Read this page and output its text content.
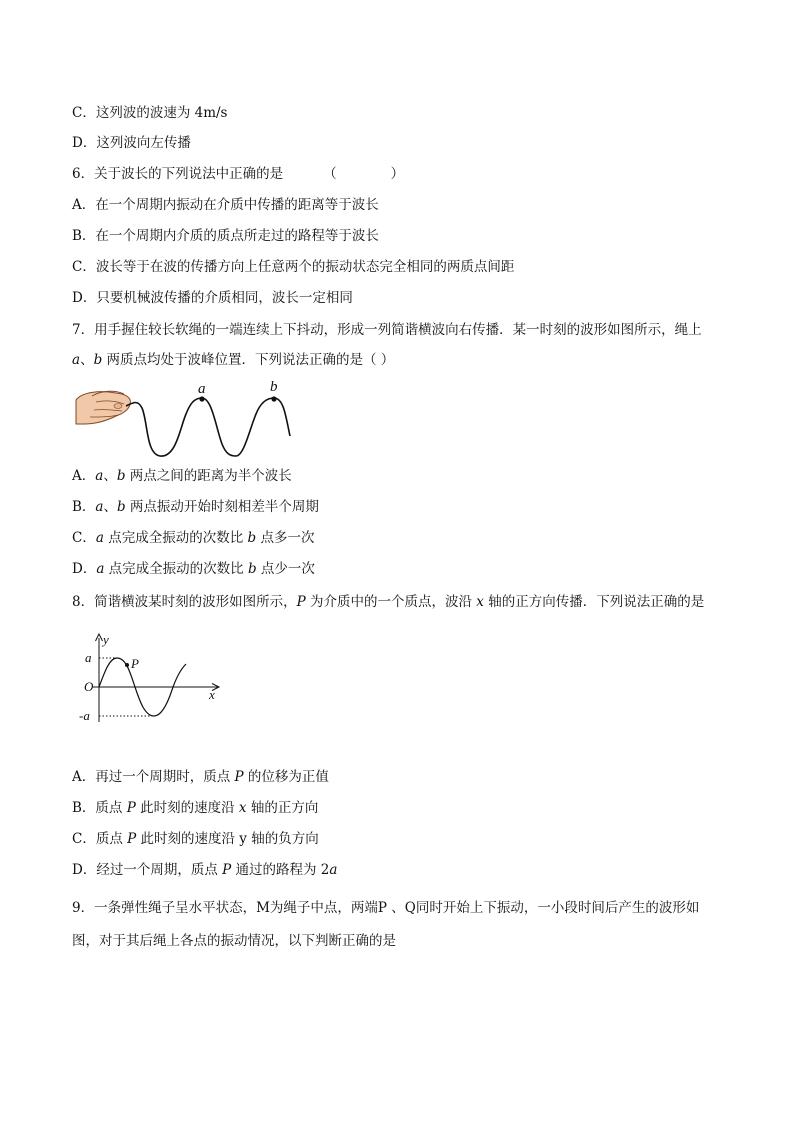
C．这列波的波速为 4m/s
D．这列波向左传播
6．关于波长的下列说法中正确的是	（　　　　）
A．在一个周期内振动在介质中传播的距离等于波长
B．在一个周期内介质的质点所走过的路程等于波长
C．波长等于在波的传播方向上任意两个的振动状态完全相同的两质点间距
D．只要机械波传播的介质相同，波长一定相同
7．用手握住较长软绳的一端连续上下抖动，形成一列简谐横波向右传播．某一时刻的波形如图所示，绳上
a、b 两质点均处于波峰位置．下列说法正确的是（ ）
a	b
A．a、b 两点之间的距离为半个波长
B．a、b 两点振动开始时刻相差半个周期
C．a 点完成全振动的次数比 b 点多一次
D．a 点完成全振动的次数比 b 点少一次
8．简谐横波某时刻的波形如图所示，P 为介质中的一个质点，波沿 x 轴的正方向传播．下列说法正确的是
y
a
O
-a
P
x
A．再过一个周期时，质点 P 的位移为正值
B．质点 P 此时刻的速度沿 x 轴的正方向
C．质点 P 此时刻的速度沿 y 轴的负方向
D．经过一个周期，质点 P 通过的路程为 2a
9．一条弹性绳子呈水平状态，M为绳子中点，两端P 、Q同时开始上下振动，一小段时间后产生的波形如图，对于其后绳上各点的振动情况，以下判断正确的是
